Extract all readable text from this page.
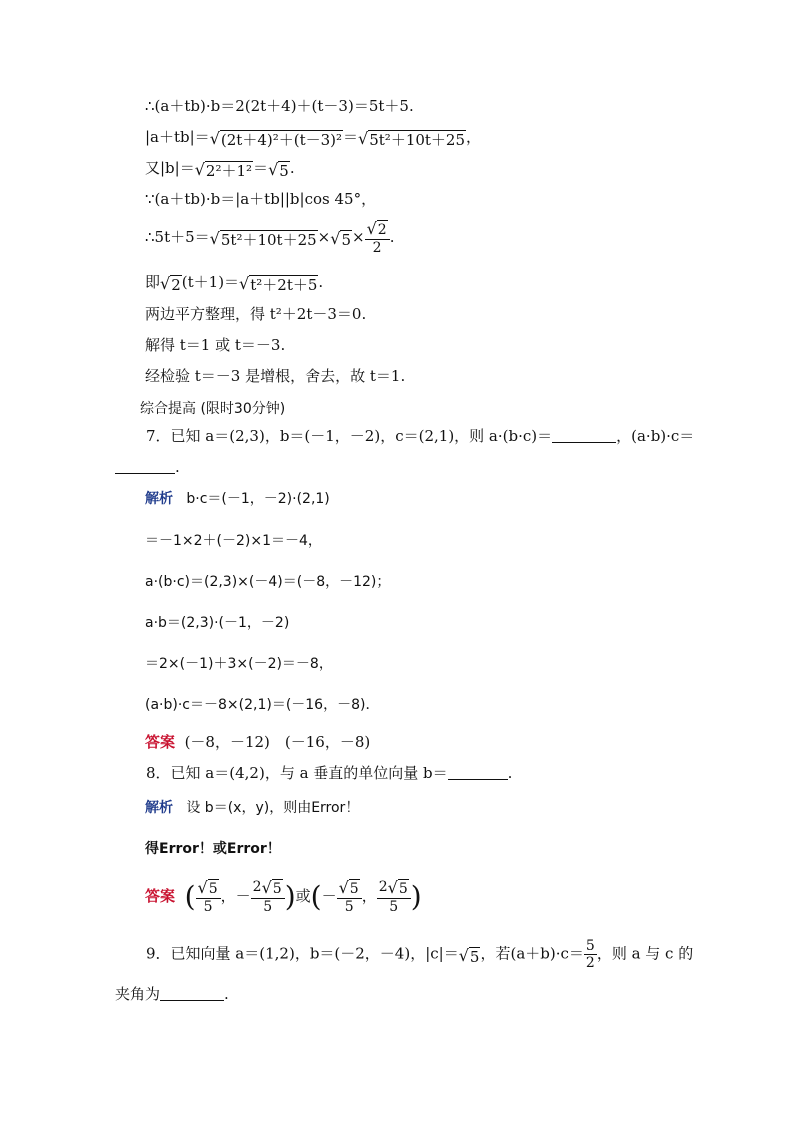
∴(a＋tb)·b＝2(2t＋4)＋(t－3)＝5t＋5.
|a＋tb|＝ √ (2t＋4)²＋(t－3)² ＝ √ 5t²＋10t＋25 ，
又|b|＝ √ 2²＋1² ＝ √ 5 .
∵(a＋tb)·b＝|a＋tb||b|cos 45°，
∴5t＋5＝ √ 5t²＋10t＋25 × √ $5 \times \frac{√ 2}{2}$ .
即 √ 2 (t＋1)＝ √ t²＋2t＋5 .
两边平方整理，得 t²＋2t－3＝0.
解得 t＝1 或 t＝－3.
经检验 t＝－3 是增根，舍去，故 t＝1.
综合提高 (限时30分钟)
7．已知 a＝(2,3)，b＝(－1，－2)，c＝(2,1)，则 a·(b·c)＝	，(a·b)·c＝
.
解析 b·c＝(－1，－2)·(2,1)
＝－1×2＋(－2)×1＝－4，
a·(b·c)＝(2,3)×(－4)＝(－8，－12)；
a·b＝(2,3)·(－1，－2)
＝2×(－1)＋3×(－2)＝－8，
(a·b)·c＝－8×(2,1)＝(－16，－8)．
答案 (－8，－12)　(－16，－8)
8．已知 a＝(4,2)，与 a 垂直的单位向量 b＝	.
解析 设 b＝(x，y)，则由Error！
得Error！或Error！
答案 ( $\frac{√ 5}{5}$ ，－ $\frac{2 √ 5}{5}$ )或(－ $\frac{√ 5}{5}$ ， $\frac{2 √ 5}{5}$ )
9．已知向量 a＝(1,2)，b＝(－2，－4)，|c|＝ √ 5 ，若$(a+b)\cdot c= \frac{5}{2}$ ，则 a 与 c 的
夹角为	.
